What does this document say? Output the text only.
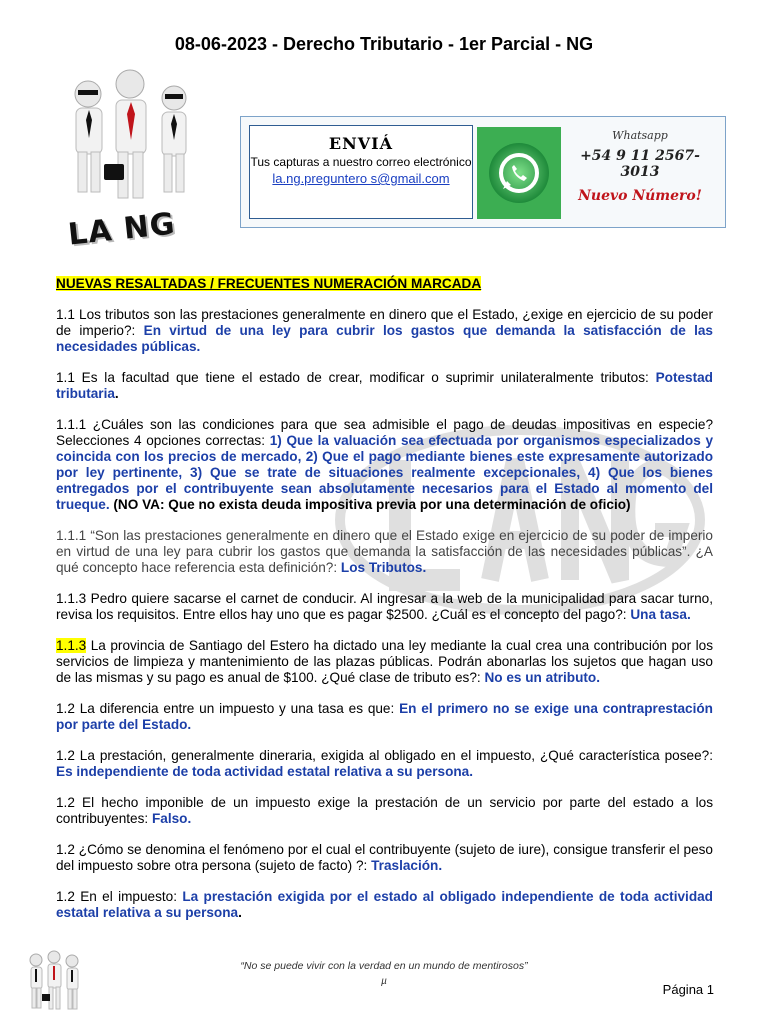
08-06-2023 - Derecho Tributario - 1er Parcial - NG
LA NG
ENVIÁ
Tus capturas a nuestro correo electrónico
la.ng.preguntero s@gmail.com
Whatsapp
+54 9 11 2567-3013
Nuevo Número!

NUEVAS RESALTADAS / FRECUENTES NUMERACIÓN MARCADA

1.1 Los tributos son las prestaciones generalmente en dinero que el Estado, ¿exige en ejercicio de su poder de imperio?: En virtud de una ley para cubrir los gastos que demanda la satisfacción de las necesidades públicas.

1.1 Es la facultad que tiene el estado de crear, modificar o suprimir unilateralmente tributos: Potestad tributaria.

1.1.1 ¿Cuáles son las condiciones para que sea admisible el pago de deudas impositivas en especie? Selecciones 4 opciones correctas: 1) Que la valuación sea efectuada por organismos especializados y coincida con los precios de mercado, 2) Que el pago mediante bienes este expresamente autorizado por ley pertinente, 3) Que se trate de situaciones realmente excepcionales, 4) Que los bienes entregados por el contribuyente sean absolutamente necesarios para el Estado al momento del trueque. (NO VA: Que no exista deuda impositiva previa por una determinación de oficio)

1.1.1 “Son las prestaciones generalmente en dinero que el Estado exige en ejercicio de su poder de imperio en virtud de una ley para cubrir los gastos que demanda la satisfacción de las necesidades públicas”. ¿A qué concepto hace referencia esta definición?: Los Tributos.

1.1.3 Pedro quiere sacarse el carnet de conducir. Al ingresar a la web de la municipalidad para sacar turno, revisa los requisitos. Entre ellos hay uno que es pagar $2500. ¿Cuál es el concepto del pago?: Una tasa.

1.1.3 La provincia de Santiago del Estero ha dictado una ley mediante la cual crea una contribución por los servicios de limpieza y mantenimiento de las plazas públicas. Podrán abonarlas los sujetos que hagan uso de las mismas y su pago es anual de $100. ¿Qué clase de tributo es?: No es un atributo.

1.2 La diferencia entre un impuesto y una tasa es que: En el primero no se exige una contraprestación por parte del Estado.

1.2 La prestación, generalmente dineraria, exigida al obligado en el impuesto, ¿Qué característica posee?: Es independiente de toda actividad estatal relativa a su persona.

1.2 El hecho imponible de un impuesto exige la prestación de un servicio por parte del estado a los contribuyentes: Falso.

1.2 ¿Cómo se denomina el fenómeno por el cual el contribuyente (sujeto de iure), consigue transferir el peso del impuesto sobre otra persona (sujeto de facto) ?: Traslación.

1.2 En el impuesto: La prestación exigida por el estado al obligado independiente de toda actividad estatal relativa a su persona.

“No se puede vivir con la verdad en un mundo de mentirosos”
µ
Página 1
